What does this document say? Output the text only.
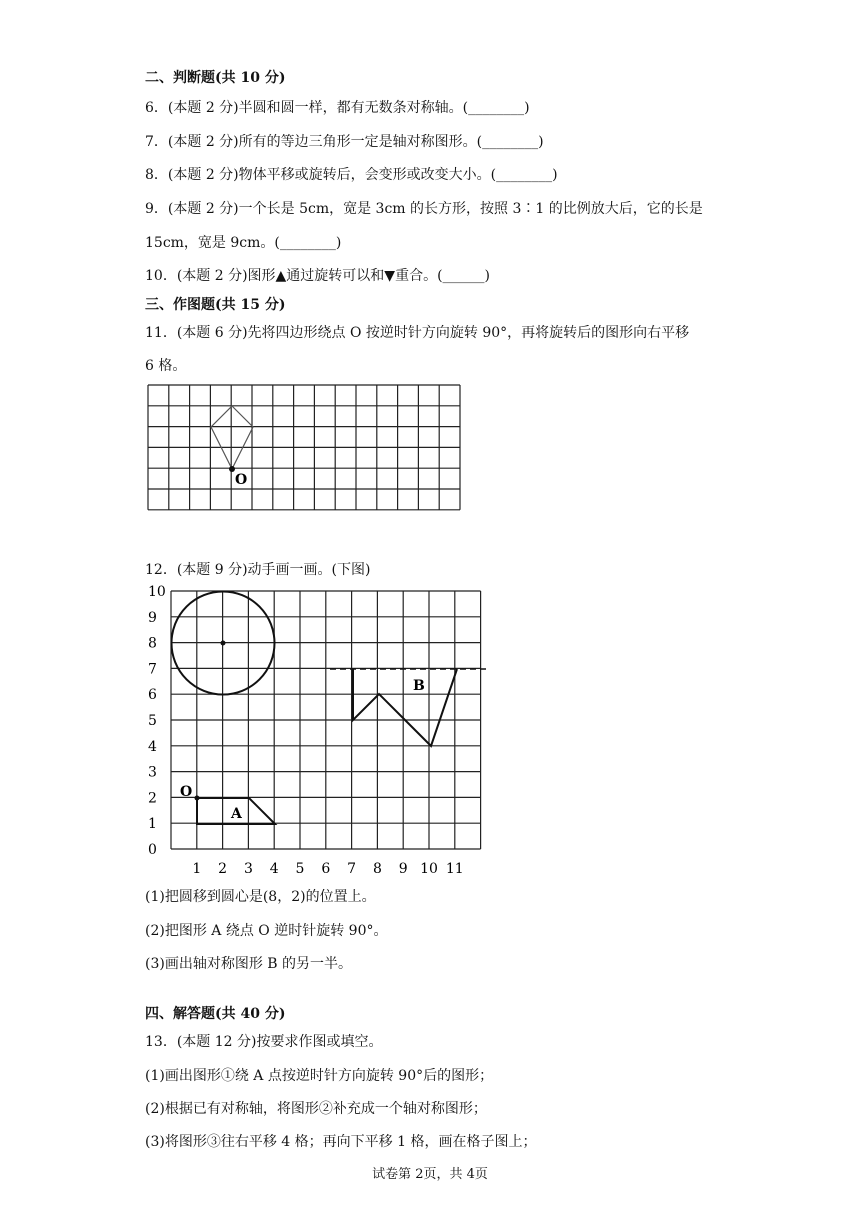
二、判断题(共 10 分)
6．(本题 2 分)半圆和圆一样，都有无数条对称轴。(________)
7．(本题 2 分)所有的等边三角形一定是轴对称图形。(________)
8．(本题 2 分)物体平移或旋转后，会变形或改变大小。(________)
9．(本题 2 分)一个长是 5cm，宽是 3cm 的长方形，按照 3∶1 的比例放大后，它的长是
15cm，宽是 9cm。(________)
10．(本题 2 分)图形▲通过旋转可以和▼重合。(______)
三、作图题(共 15 分)
11．(本题 6 分)先将四边形绕点 O 按逆时针方向旋转 90°，再将旋转后的图形向右平移
6 格。
O
12．(本题 9 分)动手画一画。(下图)
0
1
2
3
4
5
6
7
8
9
10
1 2 3 4 5 6 7 8 9 10 11
O
A
B
(1)把圆移到圆心是(8，2)的位置上。
(2)把图形 A 绕点 O 逆时针旋转 90°。
(3)画出轴对称图形 B 的另一半。
四、解答题(共 40 分)
13．(本题 12 分)按要求作图或填空。
(1)画出图形①绕 A 点按逆时针方向旋转 90°后的图形；
(2)根据已有对称轴，将图形②补充成一个轴对称图形；
(3)将图形③往右平移 4 格；再向下平移 1 格，画在格子图上；
试卷第 2页，共 4页
